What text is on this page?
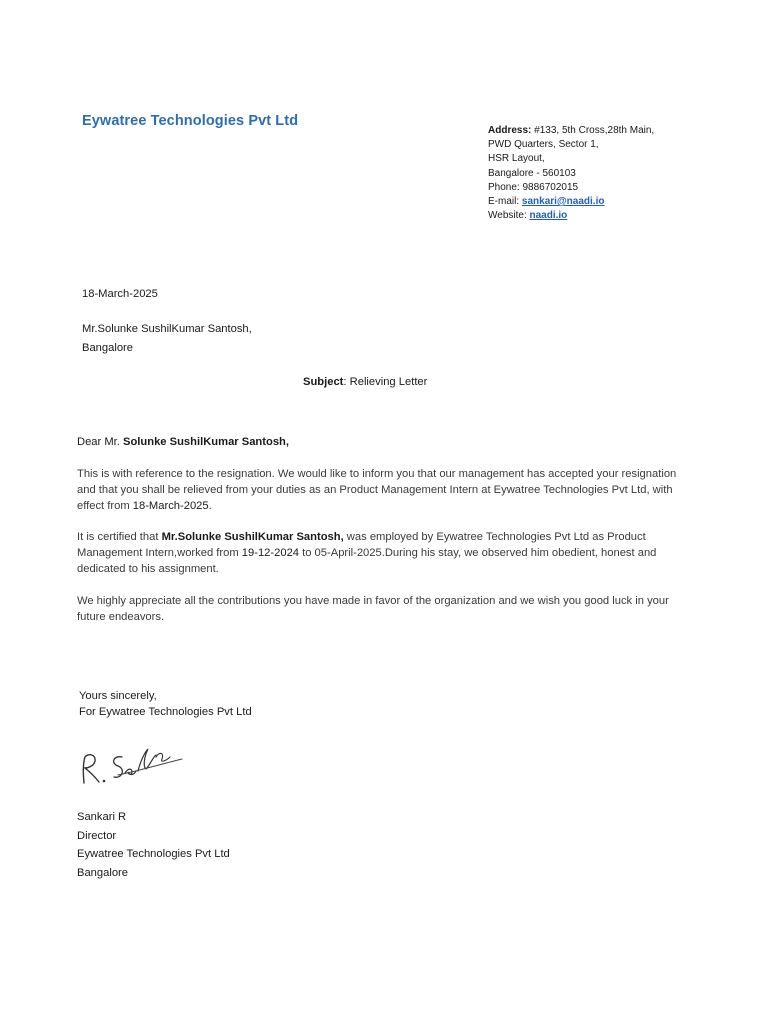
Eywatree Technologies Pvt Ltd
Address: #133, 5th Cross,28th Main,
PWD Quarters, Sector 1,
HSR Layout,
Bangalore - 560103
Phone: 9886702015
E-mail: sankari@naadi.io
Website: naadi.io
18-March-2025
Mr.Solunke SushilKumar Santosh,
Bangalore
Subject: Relieving Letter
Dear Mr. Solunke SushilKumar Santosh,
This is with reference to the resignation. We would like to inform you that our management has accepted your resignation and that you shall be relieved from your duties as an Product Management Intern at Eywatree Technologies Pvt Ltd, with effect from 18-March-2025.
It is certified that Mr.Solunke SushilKumar Santosh, was employed by Eywatree Technologies Pvt Ltd as Product Management Intern,worked from 19-12-2024 to 05-April-2025.During his stay, we observed him obedient, honest and dedicated to his assignment.
We highly appreciate all the contributions you have made in favor of the organization and we wish you good luck in your future endeavors.
Yours sincerely,
For Eywatree Technologies Pvt Ltd
Sankari R
Director
Eywatree Technologies Pvt Ltd
Bangalore
